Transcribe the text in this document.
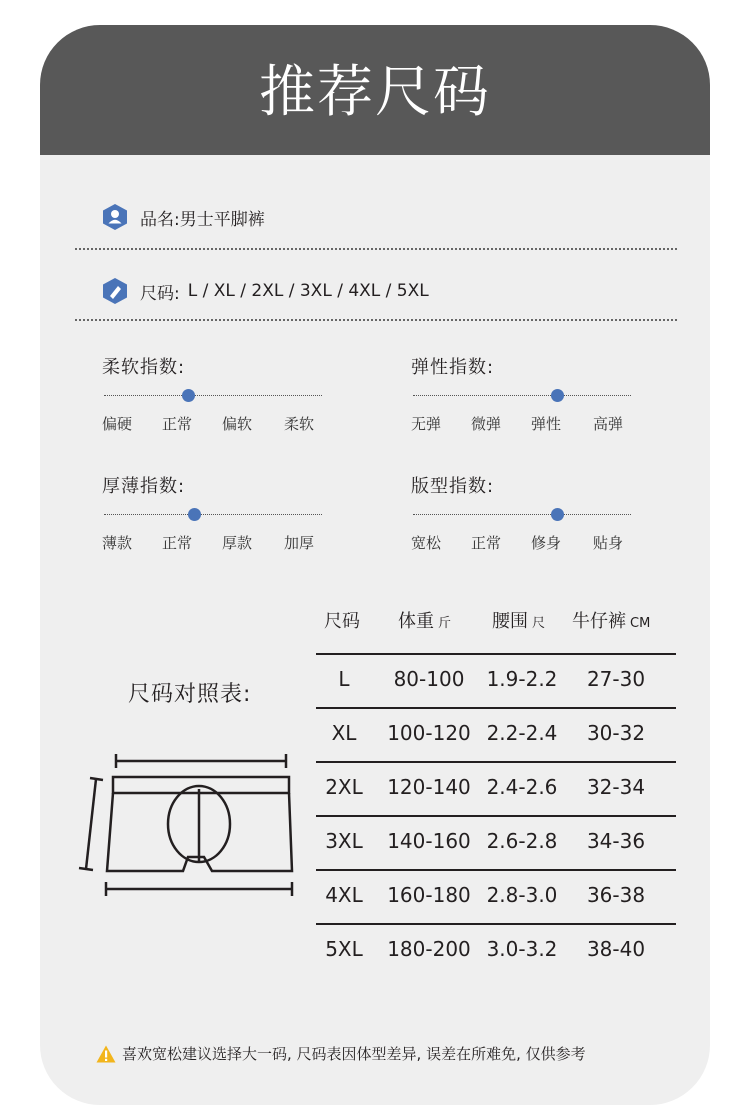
推荐尺码
品名: 男士平脚裤
尺码: L / XL / 2XL / 3XL / 4XL / 5XL
柔软指数:
偏硬 正常 偏软 柔软
弹性指数:
无弹 微弹 弹性 高弹
厚薄指数:
薄款 正常 厚款 加厚
版型指数:
宽松 正常 修身 贴身
尺码对照表:
尺码 体重 斤 腰围 尺 牛仔裤 CM
L	80-100	1.9-2.2	27-30
XL	100-120 2.2-2.4	30-32
2XL	120-140 2.4-2.6	32-34
3XL	140-160 2.6-2.8	34-36
4XL	160-180 2.8-3.0	36-38
5XL	180-200 3.0-3.2	38-40
喜欢宽松建议选择大一码, 尺码表因体型差异, 误差在所难免, 仅供参考
